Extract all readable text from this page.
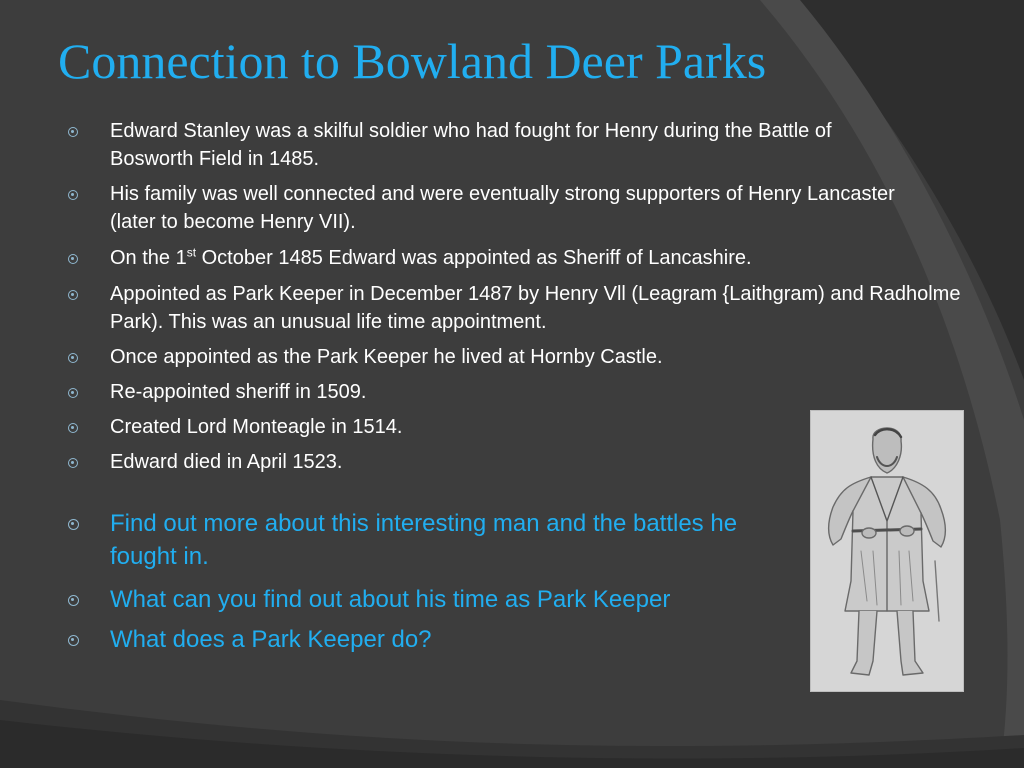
Connection to Bowland Deer Parks
Edward Stanley was a skilful soldier who had fought for Henry during the Battle of Bosworth Field in 1485.
His family was well connected and were eventually strong supporters of Henry Lancaster (later to become Henry VII).
On the 1st October 1485 Edward was appointed as Sheriff of Lancashire.
Appointed as Park Keeper in December 1487 by Henry Vll (Leagram {Laithgram) and Radholme Park). This was an unusual life time appointment.
Once appointed as the Park Keeper he lived at Hornby Castle.
Re-appointed sheriff in 1509.
Created Lord Monteagle in 1514.
Edward died in April 1523.
Find out more about this interesting man and the battles he fought in.
What can you find out about his time as Park Keeper
What does a Park Keeper do?
